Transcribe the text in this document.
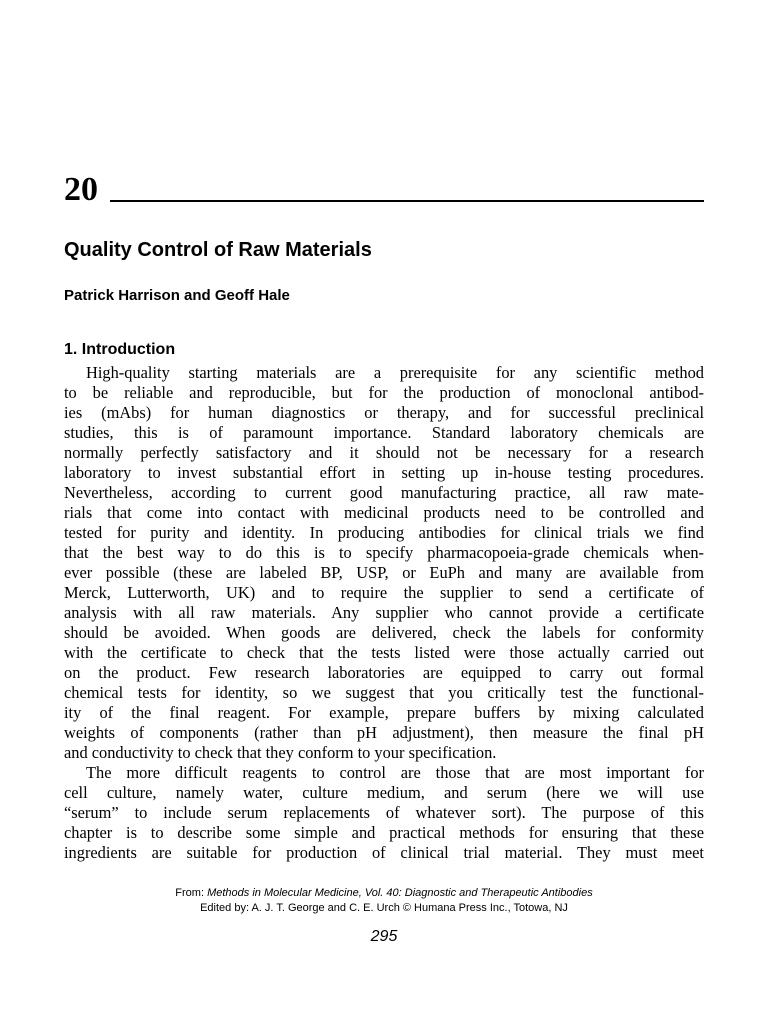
20
Quality Control of Raw Materials
Patrick Harrison and Geoff Hale
1. Introduction
High-quality starting materials are a prerequisite for any scientific method
to be reliable and reproducible, but for the production of monoclonal antibod-
ies (mAbs) for human diagnostics or therapy, and for successful preclinical
studies, this is of paramount importance. Standard laboratory chemicals are
normally perfectly satisfactory and it should not be necessary for a research
laboratory to invest substantial effort in setting up in-house testing procedures.
Nevertheless, according to current good manufacturing practice, all raw mate-
rials that come into contact with medicinal products need to be controlled and
tested for purity and identity. In producing antibodies for clinical trials we find
that the best way to do this is to specify pharmacopoeia-grade chemicals when-
ever possible (these are labeled BP, USP, or EuPh and many are available from
Merck, Lutterworth, UK) and to require the supplier to send a certificate of
analysis with all raw materials. Any supplier who cannot provide a certificate
should be avoided. When goods are delivered, check the labels for conformity
with the certificate to check that the tests listed were those actually carried out
on the product. Few research laboratories are equipped to carry out formal
chemical tests for identity, so we suggest that you critically test the functional-
ity of the final reagent. For example, prepare buffers by mixing calculated
weights of components (rather than pH adjustment), then measure the final pH
and conductivity to check that they conform to your specification.
The more difficult reagents to control are those that are most important for
cell culture, namely water, culture medium, and serum (here we will use
“serum” to include serum replacements of whatever sort). The purpose of this
chapter is to describe some simple and practical methods for ensuring that these
ingredients are suitable for production of clinical trial material. They must meet
From: Methods in Molecular Medicine, Vol. 40: Diagnostic and Therapeutic Antibodies
Edited by: A. J. T. George and C. E. Urch © Humana Press Inc., Totowa, NJ
295
